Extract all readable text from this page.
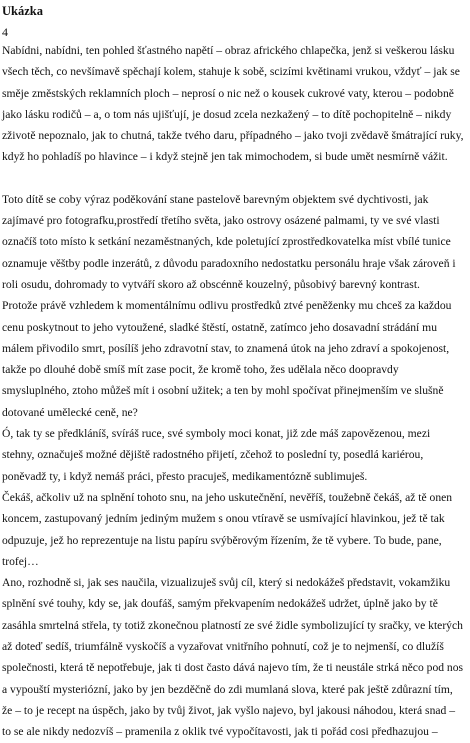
Ukázka
4

Nabídni, nabídni, ten pohled šťastného napětí – obraz afrického chlapečka, jenž si veškerou lásku všech těch, co nevšímavě spěchají kolem, stahuje k sobě, scizími květinami vrukou, vždyť – jak se směje změstských reklamních ploch – neprosí o nic než o kousek cukrové vaty, kterou – podobně jako lásku rodičů – a, o tom nás ujišťují, je dosud zcela nezkažený – to dítě pochopitelně – nikdy zživotě nepoznalo, jak to chutná, takže tvého daru, případného – jako tvoji zvědavě šmátrající ruky, když ho pohladíš po hlavince – i když stejně jen tak mimochodem, si bude umět nesmírně vážit.

Toto dítě se coby výraz poděkování stane pastelově barevným objektem své dychtivosti, jak zajímavé pro fotografku,prostředí třetího světa, jako ostrovy osázené palmami, ty ve své vlasti označíš toto místo k setkání nezaměstnaných, kde poletující zprostředkovatelka míst vbílé tunice oznamuje věštby podle inzerátů, z důvodu paradoxního nedostatku personálu hraje však zároveň i roli osudu, dohromady to vytváří skoro až obscénně kouzelný, působivý barevný kontrast.

Protože právě vzhledem k momentálnímu odlivu prostředků ztvé peněženky mu chceš za každou cenu poskytnout to jeho vytoužené, sladké štěstí, ostatně, zatímco jeho dosavadní strádání mu málem přivodilo smrt, posílíš jeho zdravotní stav, to znamená útok na jeho zdraví a spokojenost, takže po dlouhé době smíš mít zase pocit, že kromě toho, žes udělala něco doopravdy smysluplného, ztoho můžeš mít i osobní užitek; a ten by mohl spočívat přinejmenším ve slušně dotované umělecké ceně, ne?

Ó, tak ty se předkláníš, svíráš ruce, své symboly moci konat, již zde máš zapovězenou, mezi stehny, označuješ možné dějiště radostného přijetí, zčehož to poslední ty, posedlá kariérou, poněvadž ty, i když nemáš práci, přesto pracuješ, medikamentózně sublimuješ.

Čekáš, ačkoliv už na splnění tohoto snu, na jeho uskutečnění, nevěříš, toužebně čekáš, až tě onen koncem, zastupovaný jedním jediným mužem s onou vtíravě se usmívající hlavinkou, jež tě tak odpuzuje, jež ho reprezentuje na listu papíru svýběrovým řízením, že tě vybere. To bude, pane, trofej…

Ano, rozhodně si, jak ses naučila, vizualizuješ svůj cíl, který si nedokážeš představit, vokamžiku splnění své touhy, kdy se, jak doufáš, samým překvapením nedokážeš udržet, úplně jako by tě zasáhla smrtelná střela, ty totiž zkonečnou platností ze své židle symbolizující ty sračky, ve kterých až doteď sedíš, triumfálně vyskočíš a vyzařovat vnitřního pohnutí, což je to nejmenší, co dlužíš společnosti, která tě nepotřebuje, jak ti dost často dává najevo tím, že ti neustále strká něco pod nos a vypouští mysteriózní, jako by jen bezděčně do zdi mumlaná slova, které pak ještě zdůrazní tím, že – to je recept na úspěch, jako by tvůj život, jak vyšlo najevo, byl jakousi náhodou, která snad – to se ale nikdy nedozvíš – pramenila z oklik tvé vypočítavosti, jak ti pořád cosi předhazujou –
